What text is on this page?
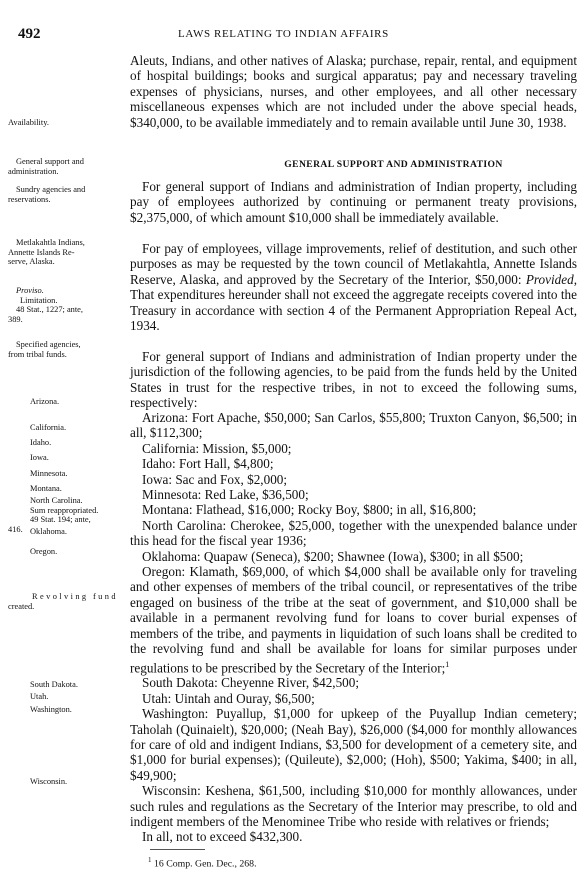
492	LAWS RELATING TO INDIAN AFFAIRS
Availability.
General support and
administration.
Sundry agencies and
reservations.
Metlakahtla Indians,
Annette Islands Re-
serve, Alaska.
Proviso.
Limitation.
48 Stat., 1227; ante,
389.
Specified agencies,
from tribal funds.
Arizona.
California.
Idaho.
Iowa.
Minnesota.
Montana.
North Carolina.
Sum reappropriated.
49 Stat. 194; ante,
416. Oklahoma.
Oregon.
Revolving fund
created.
South Dakota.
Utah.
Washington.
Wisconsin.

Aleuts, Indians, and other natives of Alaska; purchase, repair, rental, and equipment of hospital buildings; books and surgical apparatus; pay and necessary traveling expenses of physicians, nurses, and other employees, and all other necessary miscellaneous expenses which are not included under the above special heads, $340,000, to be available immediately and to remain available until June 30, 1938.

GENERAL SUPPORT AND ADMINISTRATION

For general support of Indians and administration of Indian property, including pay of employees authorized by continuing or permanent treaty provisions, $2,375,000, of which amount $10,000 shall be immediately available.

For pay of employees, village improvements, relief of destitution, and such other purposes as may be requested by the town council of Metlakahtla, Annette Islands Reserve, Alaska, and approved by the Secretary of the Interior, $50,000: Provided, That expenditures hereunder shall not exceed the aggregate receipts covered into the Treasury in accordance with section 4 of the Permanent Appropriation Repeal Act, 1934.

For general support of Indians and administration of Indian property under the jurisdiction of the following agencies, to be paid from the funds held by the United States in trust for the respective tribes, in not to exceed the following sums, respectively:

Arizona: Fort Apache, $50,000; San Carlos, $55,800; Truxton Canyon, $6,500; in all, $112,300;

California: Mission, $5,000;

Idaho: Fort Hall, $4,800;

Iowa: Sac and Fox, $2,000;

Minnesota: Red Lake, $36,500;

Montana: Flathead, $16,000; Rocky Boy, $800; in all, $16,800;

North Carolina: Cherokee, $25,000, together with the unexpended balance under this head for the fiscal year 1936;

Oklahoma: Quapaw (Seneca), $200; Shawnee (Iowa), $300; in all $500;

Oregon: Klamath, $69,000, of which $4,000 shall be available only for traveling and other expenses of members of the tribal council, or representatives of the tribe engaged on business of the tribe at the seat of government, and $10,000 shall be available in a permanent revolving fund for loans to cover burial expenses of members of the tribe, and payments in liquidation of such loans shall be credited to the revolving fund and shall be available for loans for similar purposes under regulations to be prescribed by the Secretary of the Interior;$^1$

South Dakota: Cheyenne River, $42,500;

Utah: Uintah and Ouray, $6,500;

Washington: Puyallup, $1,000 for upkeep of the Puyallup Indian cemetery; Taholah (Quinaielt), $20,000; (Neah Bay), $26,000 ($4,000 for monthly allowances for care of old and indigent Indians, $3,500 for development of a cemetery site, and $1,000 for burial expenses); (Quileute), $2,000; (Hoh), $500; Yakima, $400; in all, $49,900;

Wisconsin: Keshena, $61,500, including $10,000 for monthly allowances, under such rules and regulations as the Secretary of the Interior may prescribe, to old and indigent members of the Menominee Tribe who reside with relatives or friends;

In all, not to exceed $432,300.

$^1$ 16 Comp. Gen. Dec., 268.
